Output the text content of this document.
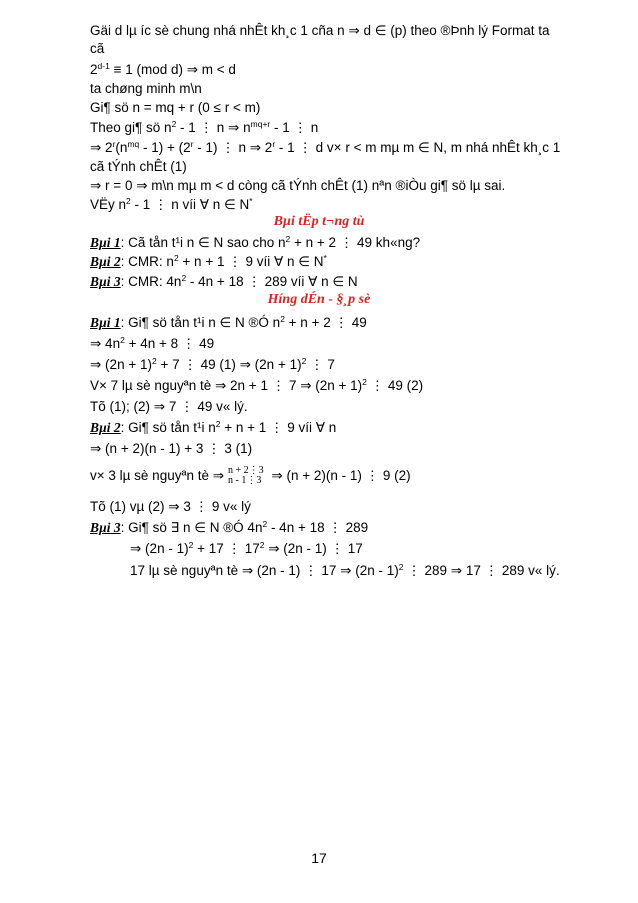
Gäi d lµ íc sè chung nhá nhÊt kh¸c 1 cña n ⇒ d ∈ (p) theo ®Þnh lý Format ta
cã
$2^{d-1} \equiv 1$ (mod d) ⇒ m < d
ta chøng minh m\n
Gi¶ sö n = mq + r (0 ≤ r < m)
Theo gi¶ sö $n^2 - 1$ ⋮ n ⇒ $n^{mq+r} - 1$ ⋮ n
⇒ $2^r(n^{mq} - 1) + (2^r - 1)$ ⋮ n ⇒ 2$^r$ - 1 ⋮ d v× r < m mµ m ∈ N, m nhá nhÊt kh¸c 1
cã tÝnh chÊt (1)
⇒ r = 0 ⇒ m\n mµ m < d còng cã tÝnh chÊt (1) nªn ®iÒu gi¶ sö lµ sai.
VËy $n^2 - 1$ ⋮ n víi ∀ n ∈ N*
Bµi tËp t¬ng tù
Bµi 1: Cã tån t¹i n ∈ N sao cho $n^2 + n + 2$ ⋮ 49 kh«ng?
Bµi 2: CMR: $n^2 + n + 1$ ⋮ 9 víi ∀ n ∈ N*
Bµi 3: CMR: $4n^2 - 4n + 18$ ⋮ 289 víi ∀ n ∈ N
Híng dÉn - §¸p sè
Bµi 1: Gi¶ sö tån t¹i n ∈ N ®Ó $n^2 + n + 2$ ⋮ 49
⇒ $4n^2 + 4n + 8$ ⋮ 49
⇒ $(2n + 1)^2 + 7$ ⋮ 49 (1) ⇒ $(2n + 1)^2$ ⋮ 7
V× 7 lµ sè nguyªn tè ⇒ 2n + 1 ⋮ 7 ⇒ $(2n + 1)^2$ ⋮ 49 (2)
Tõ (1); (2) ⇒ 7 ⋮ 49 v« lý.
Bµi 2: Gi¶ sö tån t¹i $n^2 + n + 1$ ⋮ 9 víi ∀ n
⇒ (n + 2)(n - 1) + 3 ⋮ 3 (1)
v× 3 lµ sè nguyªn tè ⇒ n + 2⋮3
n - 1⋮3 ⇒ (n + 2)(n - 1) ⋮ 9 (2)
Tõ (1) vµ (2) ⇒ 3 ⋮ 9 v« lý
Bµi 3: Gi¶ sö ∃ n ∈ N ®Ó $4n^2 - 4n + 18$ ⋮ 289
⇒ (2n - 1)$^2$ + 17 ⋮ $17^2$ ⇒ (2n - 1) ⋮ 17
17 lµ sè nguyªn tè ⇒ (2n - 1) ⋮ 17 ⇒ (2n - 1)$^2$ ⋮ 289 ⇒ 17 ⋮ 289 v« lý.
17
